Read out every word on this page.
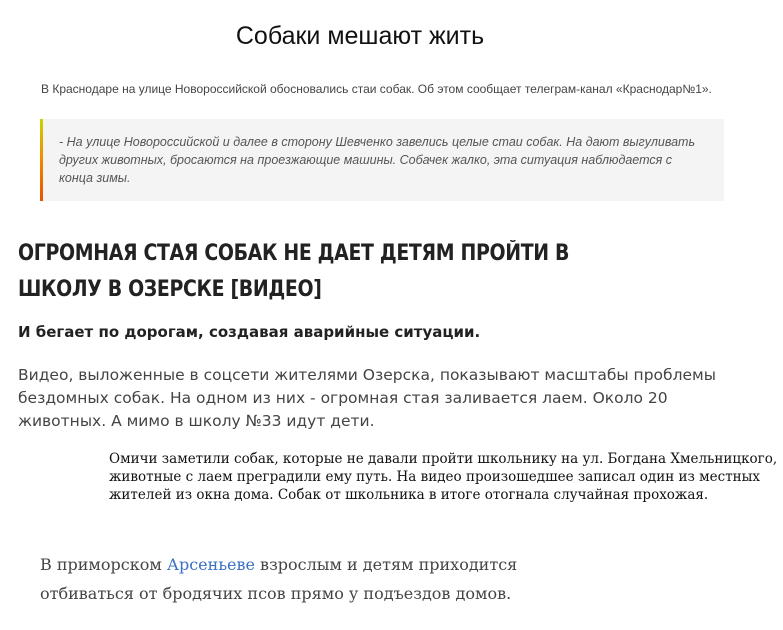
Собаки мешают жить
В Краснодаре на улице Новороссийской обосновались стаи собак. Об этом сообщает телеграм-канал «Краснодар№1».
- На улице Новороссийской и далее в сторону Шевченко завелись целые стаи собак. На дают выгуливать других животных, бросаются на проезжающие машины. Собачек жалко, эта ситуация наблюдается с конца зимы.
ОГРОМНАЯ СТАЯ СОБАК НЕ ДАЕТ ДЕТЯМ ПРОЙТИ В ШКОЛУ В ОЗЕРСКЕ [ВИДЕО]
И бегает по дорогам, создавая аварийные ситуации.
Видео, выложенные в соцсети жителями Озерска, показывают масштабы проблемы бездомных собак. На одном из них - огромная стая заливается лаем. Около 20 животных. А мимо в школу №33 идут дети.
Омичи заметили собак, которые не давали пройти школьнику на ул. Богдана Хмельницкого, животные с лаем преградили ему путь. На видео произошедшее записал один из местных жителей из окна дома. Собак от школьника в итоге отогнала случайная прохожая.
В приморском Арсеньеве взрослым и детям приходится отбиваться от бродячих псов прямо у подъездов домов.
